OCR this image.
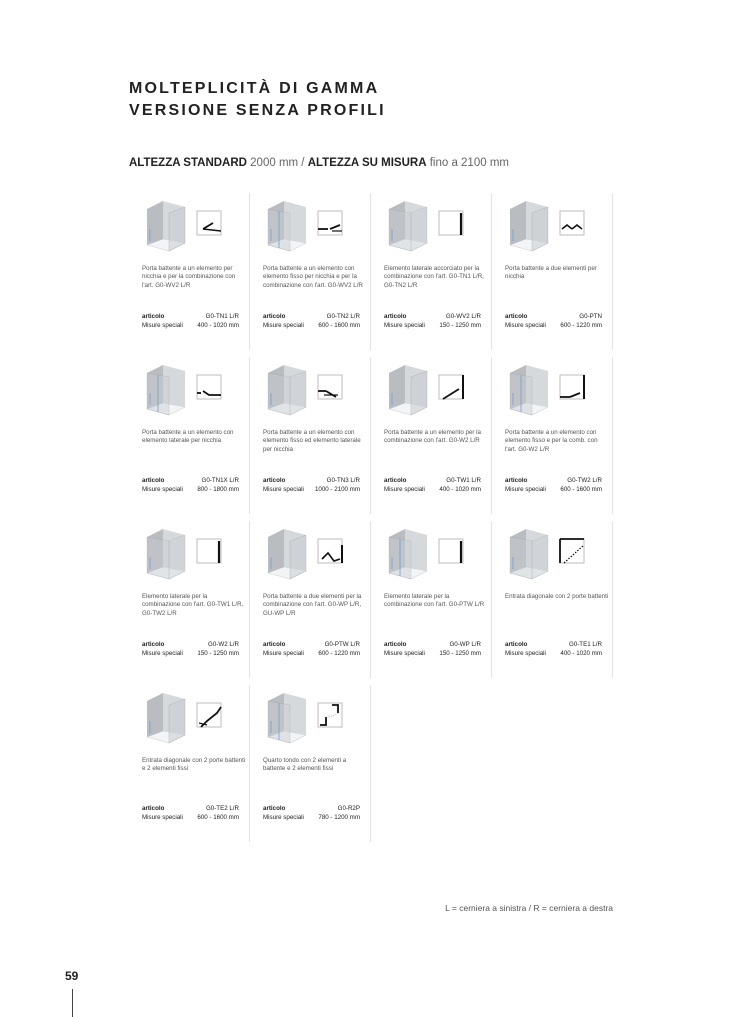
MOLTEPLICITÀ DI GAMMA
VERSIONE SENZA PROFILI
ALTEZZA STANDARD 2000 mm / ALTEZZA SU MISURA fino a 2100 mm
Porta battente a un elemento per nicchia e per la combinazione con l'art. G0-WV2 L/R
articolo	G0-TN1 L/R
Misure speciali 400 - 1020 mm
Porta battente a un elemento con elemento fisso per nicchia e per la combinazione con l'art. G0-WV2 L/R
articolo	G0-TN2 L/R
Misure speciali 600 - 1600 mm
Elemento laterale accorciato per la combinazione con l'art. G0-TN1 L/R, G0-TN2 L/R
articolo	G0-WV2 L/R
Misure speciali 150 - 1250 mm
Porta battente a due elementi per nicchia
articolo	G0-PTN
Misure speciali 600 - 1220 mm
Porta battente a un elemento con elemento laterale per nicchia
articolo	G0-TN1X L/R
Misure speciali 800 - 1800 mm
Porta battente a un elemento con elemento fisso ed elemento laterale per nicchia
articolo	G0-TN3 L/R
Misure speciali 1000 - 2100 mm
Porta battente a un elemento per la combinazione con l'art. G0-W2 L/R
articolo	G0-TW1 L/R
Misure speciali 400 - 1020 mm
Porta battente a un elemento con elemento fisso e per la comb. con l'art. G0-W2 L/R
articolo	G0-TW2 L/R
Misure speciali 600 - 1600 mm
Elemento laterale per la combinazione con l'art. G0-TW1 L/R, G0-TW2 L/R
articolo	G0-W2 L/R
Misure speciali 150 - 1250 mm
Porta battente a due elementi per la combinazione con l'art. G0-WP L/R, GU-WP L/R
articolo	G0-PTW L/R
Misure speciali 600 - 1220 mm
Elemento laterale per la combinazione con l'art. G0-PTW L/R
articolo	G0-WP L/R
Misure speciali 150 - 1250 mm
Entrata diagonale con 2 porte battenti
articolo	G0-TE1 L/R
Misure speciali 400 - 1020 mm
Entrata diagonale con 2 porte battenti e 2 elementi fissi
articolo	G0-TE2 L/R
Misure speciali 600 - 1600 mm
Quarto tondo con 2 elementi a battente e 2 elementi fissi
articolo	G0-R2P
Misure speciali 780 - 1200 mm
L = cerniera a sinistra / R = cerniera a destra
59
